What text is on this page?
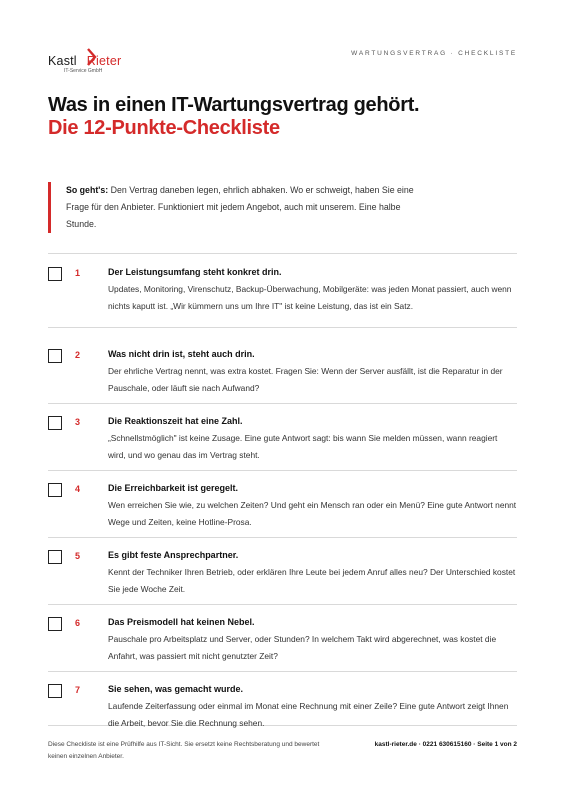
Kastl Rieter
IT-Service GmbH
WARTUNGSVERTRAG · CHECKLISTE
Was in einen IT-Wartungsvertrag gehört.
Die 12-Punkte-Checkliste
So geht's: Den Vertrag daneben legen, ehrlich abhaken. Wo er schweigt, haben Sie eine Frage für den Anbieter. Funktioniert mit jedem Angebot, auch mit unserem. Eine halbe Stunde.
1	Der Leistungsumfang steht konkret drin.
Updates, Monitoring, Virenschutz, Backup-Überwachung, Mobilgeräte: was jeden Monat passiert, auch wenn nichts kaputt ist. „Wir kümmern uns um Ihre IT" ist keine Leistung, das ist ein Satz.
2	Was nicht drin ist, steht auch drin.
Der ehrliche Vertrag nennt, was extra kostet. Fragen Sie: Wenn der Server ausfällt, ist die Reparatur in der Pauschale, oder läuft sie nach Aufwand?
3	Die Reaktionszeit hat eine Zahl.
„Schnellstmöglich" ist keine Zusage. Eine gute Antwort sagt: bis wann Sie melden müssen, wann reagiert wird, und wo genau das im Vertrag steht.
4	Die Erreichbarkeit ist geregelt.
Wen erreichen Sie wie, zu welchen Zeiten? Und geht ein Mensch ran oder ein Menü? Eine gute Antwort nennt Wege und Zeiten, keine Hotline-Prosa.
5	Es gibt feste Ansprechpartner.
Kennt der Techniker Ihren Betrieb, oder erklären Ihre Leute bei jedem Anruf alles neu? Der Unterschied kostet Sie jede Woche Zeit.
6	Das Preismodell hat keinen Nebel.
Pauschale pro Arbeitsplatz und Server, oder Stunden? In welchem Takt wird abgerechnet, was kostet die Anfahrt, was passiert mit nicht genutzter Zeit?
7	Sie sehen, was gemacht wurde.
Laufende Zeiterfassung oder einmal im Monat eine Rechnung mit einer Zeile? Eine gute Antwort zeigt Ihnen die Arbeit, bevor Sie die Rechnung sehen.
Diese Checkliste ist eine Prüfhilfe aus IT-Sicht. Sie ersetzt keine Rechtsberatung und bewertet keinen einzelnen Anbieter.
kastl-rieter.de · 0221 630615160 · Seite 1 von 2
